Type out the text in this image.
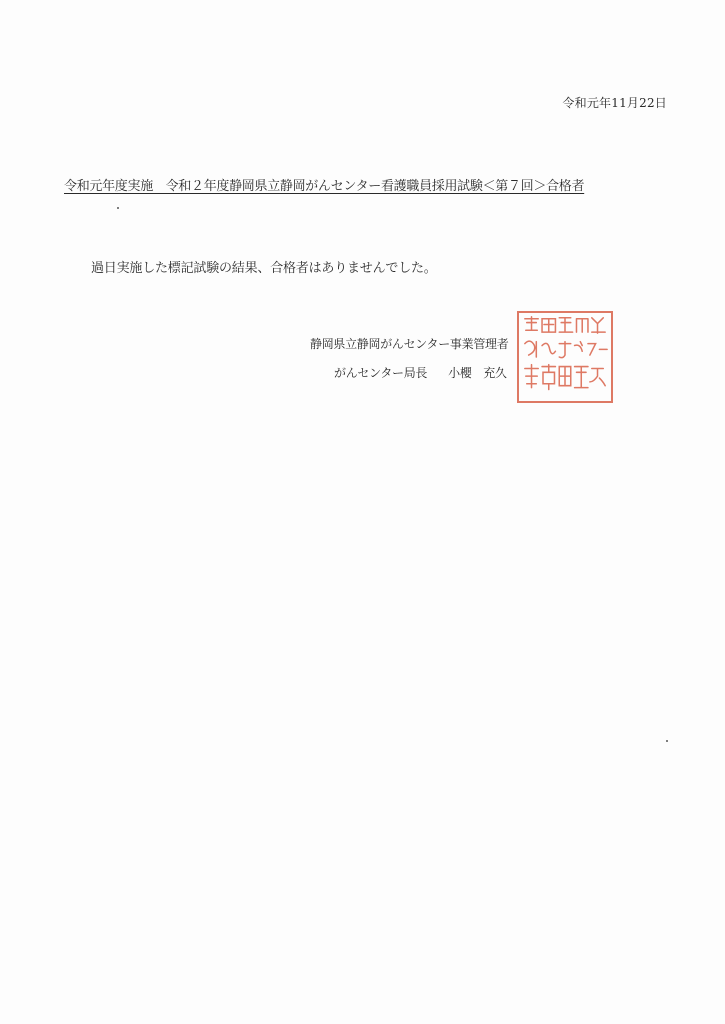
令和元年11月22日
令和元年度実施　令和２年度静岡県立静岡がんセンター看護職員採用試験＜第７回＞合格者
過日実施した標記試験の結果、合格者はありませんでした。
静岡県立静岡がんセンター事業管理者
がんセンター局長 小櫻　充久
